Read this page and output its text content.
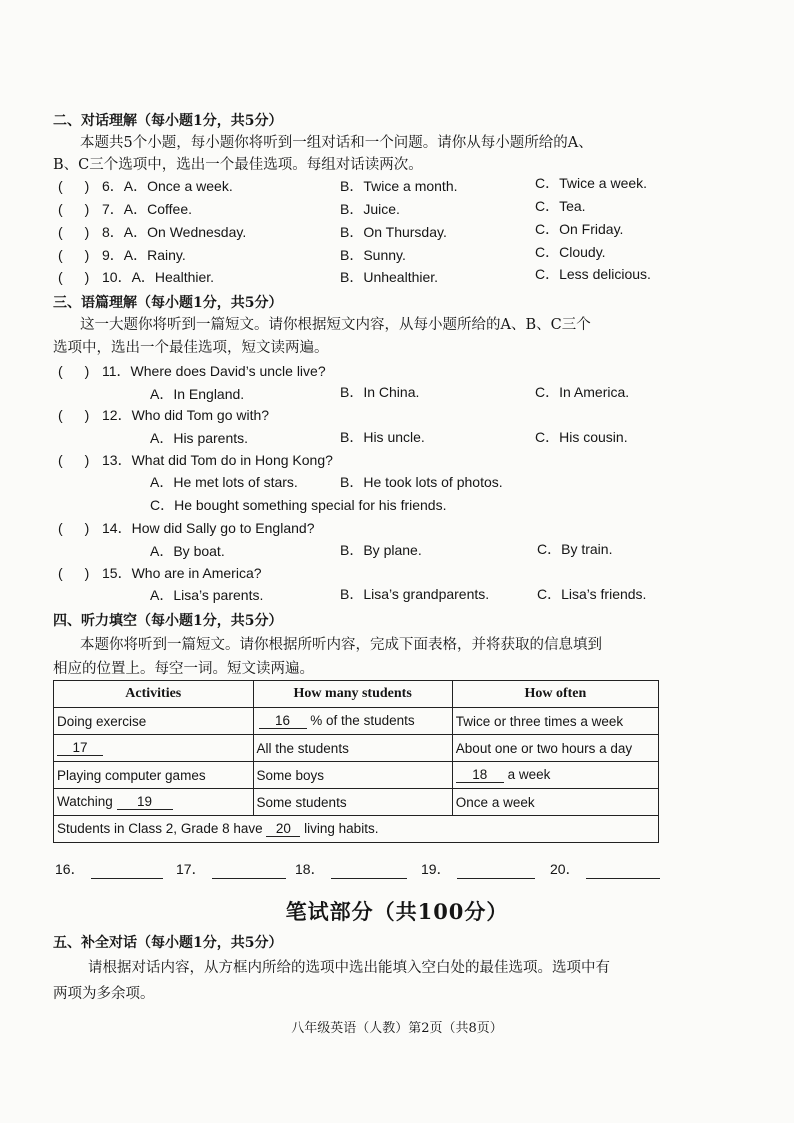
二、对话理解（每小题1分，共5分）
本题共5个小题，每小题你将听到一组对话和一个问题。请你从每小题所给的A、
B、C三个选项中，选出一个最佳选项。每组对话读两次。
( ) 6．A．Once a week.	B．Twice a month.	C．Twice a week.
( ) 7．A．Coffee.	B．Juice.	C．Tea.
( ) 8．A．On Wednesday.	B．On Thursday.	C．On Friday.
( ) 9．A．Rainy.	B．Sunny.	C．Cloudy.
( ) 10．A．Healthier.	B．Unhealthier.	C．Less delicious.
三、语篇理解（每小题1分，共5分）
这一大题你将听到一篇短文。请你根据短文内容，从每小题所给的A、B、C三个
选项中，选出一个最佳选项，短文读两遍。
( ) 11．Where does David’s uncle live?
A．In England.	B．In China.	C．In America.
( ) 12．Who did Tom go with?
A．His parents.	B．His uncle.	C．His cousin.
( ) 13．What did Tom do in Hong Kong?
A．He met lots of stars.	B．He took lots of photos.
C．He bought something special for his friends.
( ) 14．How did Sally go to England?
A．By boat.	B．By plane.	C．By train.
( ) 15．Who are in America?
A．Lisa’s parents.	B．Lisa’s grandparents.	C．Lisa’s friends.
四、听力填空（每小题1分，共5分）
本题你将听到一篇短文。请你根据所听内容，完成下面表格，并将获取的信息填到
相应的位置上。每空一词。短文读两遍。
Activities	How many students	How often
Doing exercise	16 % of the students	Twice or three times a week
17	All the students	About one or two hours a day
Playing computer games	Some boys	18 a week
Watching 19	Some students	Once a week
Students in Class 2, Grade 8 have 20 living habits.		
16．	17．	18．	19．	20．
笔试部分（共100分）
五、补全对话（每小题1分，共5分）
请根据对话内容，从方框内所给的选项中选出能填入空白处的最佳选项。选项中有
两项为多余项。
八年级英语（人教）第2页（共8页）
